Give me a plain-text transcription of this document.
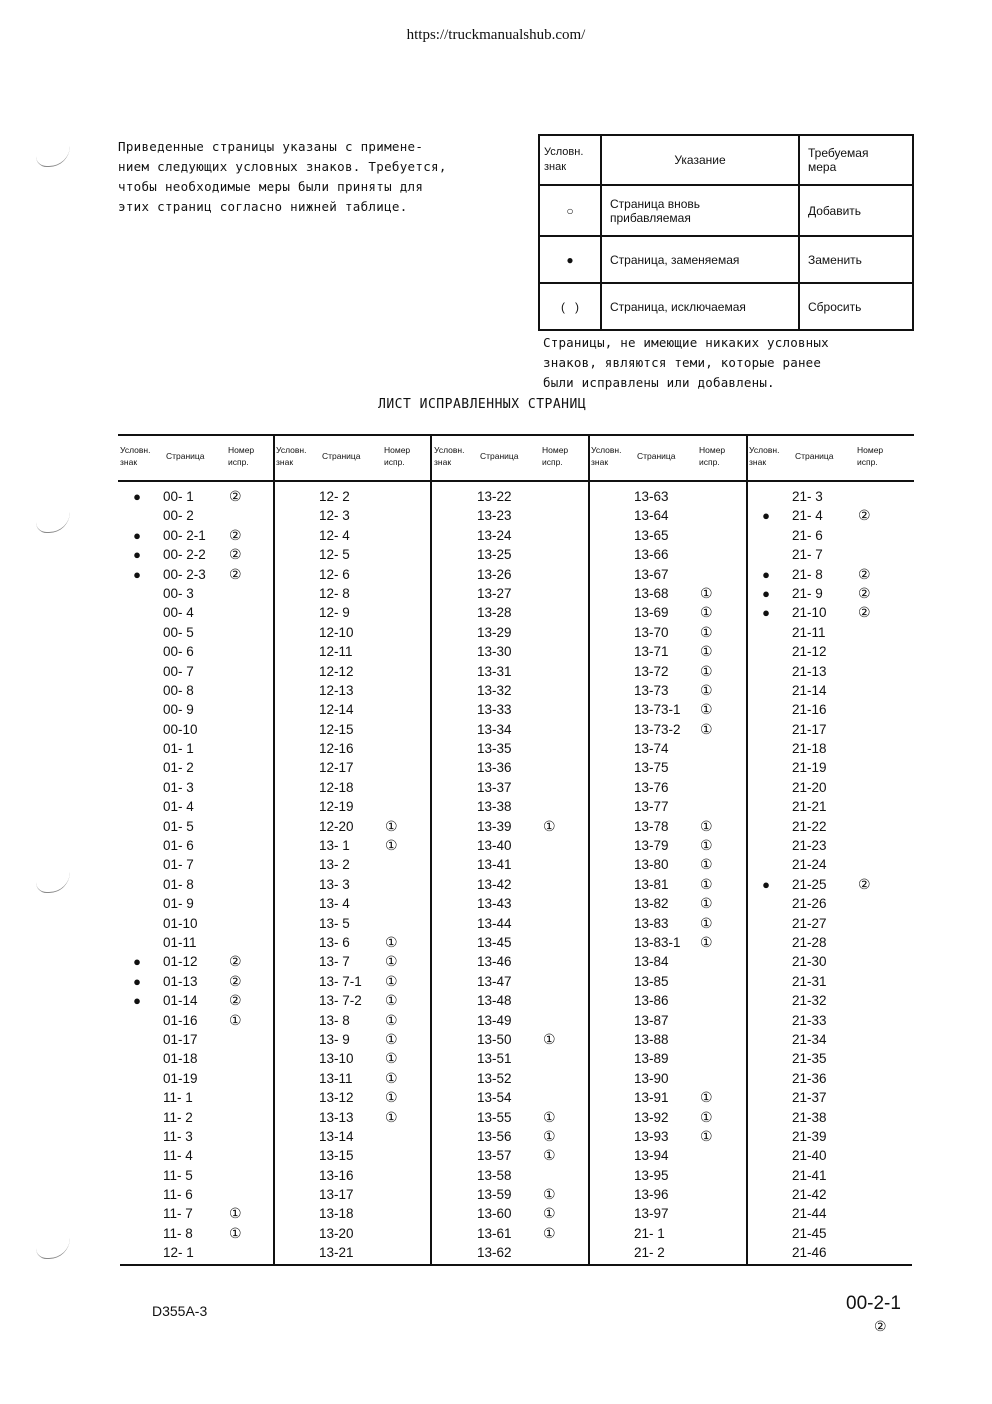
https://truckmanualshub.com/
Приведенные страницы указаны с примене-
нием следующих условных знаков. Требуется,
чтобы необходимые меры были приняты для
этих страниц согласно нижней таблице.
Условн.
знак	Указание	Требуемая
мера
○	Страница вновь
прибавляемая	Добавить
●	Страница, заменяемая	Заменить
(   )	Страница, исключаемая	Сбросить
Страницы, не имеющие никаких условных
знаков, являются теми, которые ранее
были исправлены или добавлены.
ЛИСТ ИСПРАВЛЕННЫХ СТРАНИЦ
Условн.
знак
Страница
Номер
испр.
● 00- 1	②
00- 2
● 00- 2-1 ②
● 00- 2-2 ②
● 00- 2-3 ②
00- 3
00- 4
00- 5
00- 6
00- 7
00- 8
00- 9
00-10
01- 1
01- 2
01- 3
01- 4
01- 5
01- 6
01- 7
01- 8
01- 9
01-10
01-11
● 01-12 ②
● 01-13 ②
● 01-14 ②
01-16 ①
01-17
01-18
01-19
11- 1
11- 2
11- 3
11- 4
11- 5
11- 6
11- 7	①
11- 8	①
12- 1
Условн.
знак
Страница
Номер
испр.
12- 2
12- 3
12- 4
12- 5
12- 6
12- 8
12- 9
12-10
12-11
12-12
12-13
12-14
12-15
12-16
12-17
12-18
12-19
12-20 ①
13- 1	①
13- 2
13- 3
13- 4
13- 5
13- 6	①
13- 7	①
13- 7-1 ①
13- 7-2 ①
13- 8	①
13- 9	①
13-10 ①
13-11 ①
13-12 ①
13-13 ①
13-14
13-15
13-16
13-17
13-18
13-20
13-21
Условн.
знак
Страница
Номер
испр.
13-22
13-23
13-24
13-25
13-26
13-27
13-28
13-29
13-30
13-31
13-32
13-33
13-34
13-35
13-36
13-37
13-38
13-39 ①
13-40
13-41
13-42
13-43
13-44
13-45
13-46
13-47
13-48
13-49
13-50 ①
13-51
13-52
13-54
13-55 ①
13-56 ①
13-57 ①
13-58
13-59 ①
13-60 ①
13-61 ①
13-62
Условн.
знак
Страница
Номер
испр.
13-63
13-64
13-65
13-66
13-67
13-68 ①
13-69 ①
13-70 ①
13-71 ①
13-72 ①
13-73 ①
13-73-1 ①
13-73-2 ①
13-74
13-75
13-76
13-77
13-78 ①
13-79 ①
13-80 ①
13-81 ①
13-82 ①
13-83 ①
13-83-1 ①
13-84
13-85
13-86
13-87
13-88
13-89
13-90
13-91 ①
13-92 ①
13-93 ①
13-94
13-95
13-96
13-97
21- 1
21- 2
Условн.
знак
Страница
Номер
испр.
21- 3
● 21- 4	②
21- 6
21- 7
● 21- 8	②
● 21- 9	②
● 21-10 ②
21-11
21-12
21-13
21-14
21-16
21-17
21-18
21-19
21-20
21-21
21-22
21-23
21-24
● 21-25 ②
21-26
21-27
21-28
21-30
21-31
21-32
21-33
21-34
21-35
21-36
21-37
21-38
21-39
21-40
21-41
21-42
21-44
21-45
21-46
D355A-3	00-2-1
②
